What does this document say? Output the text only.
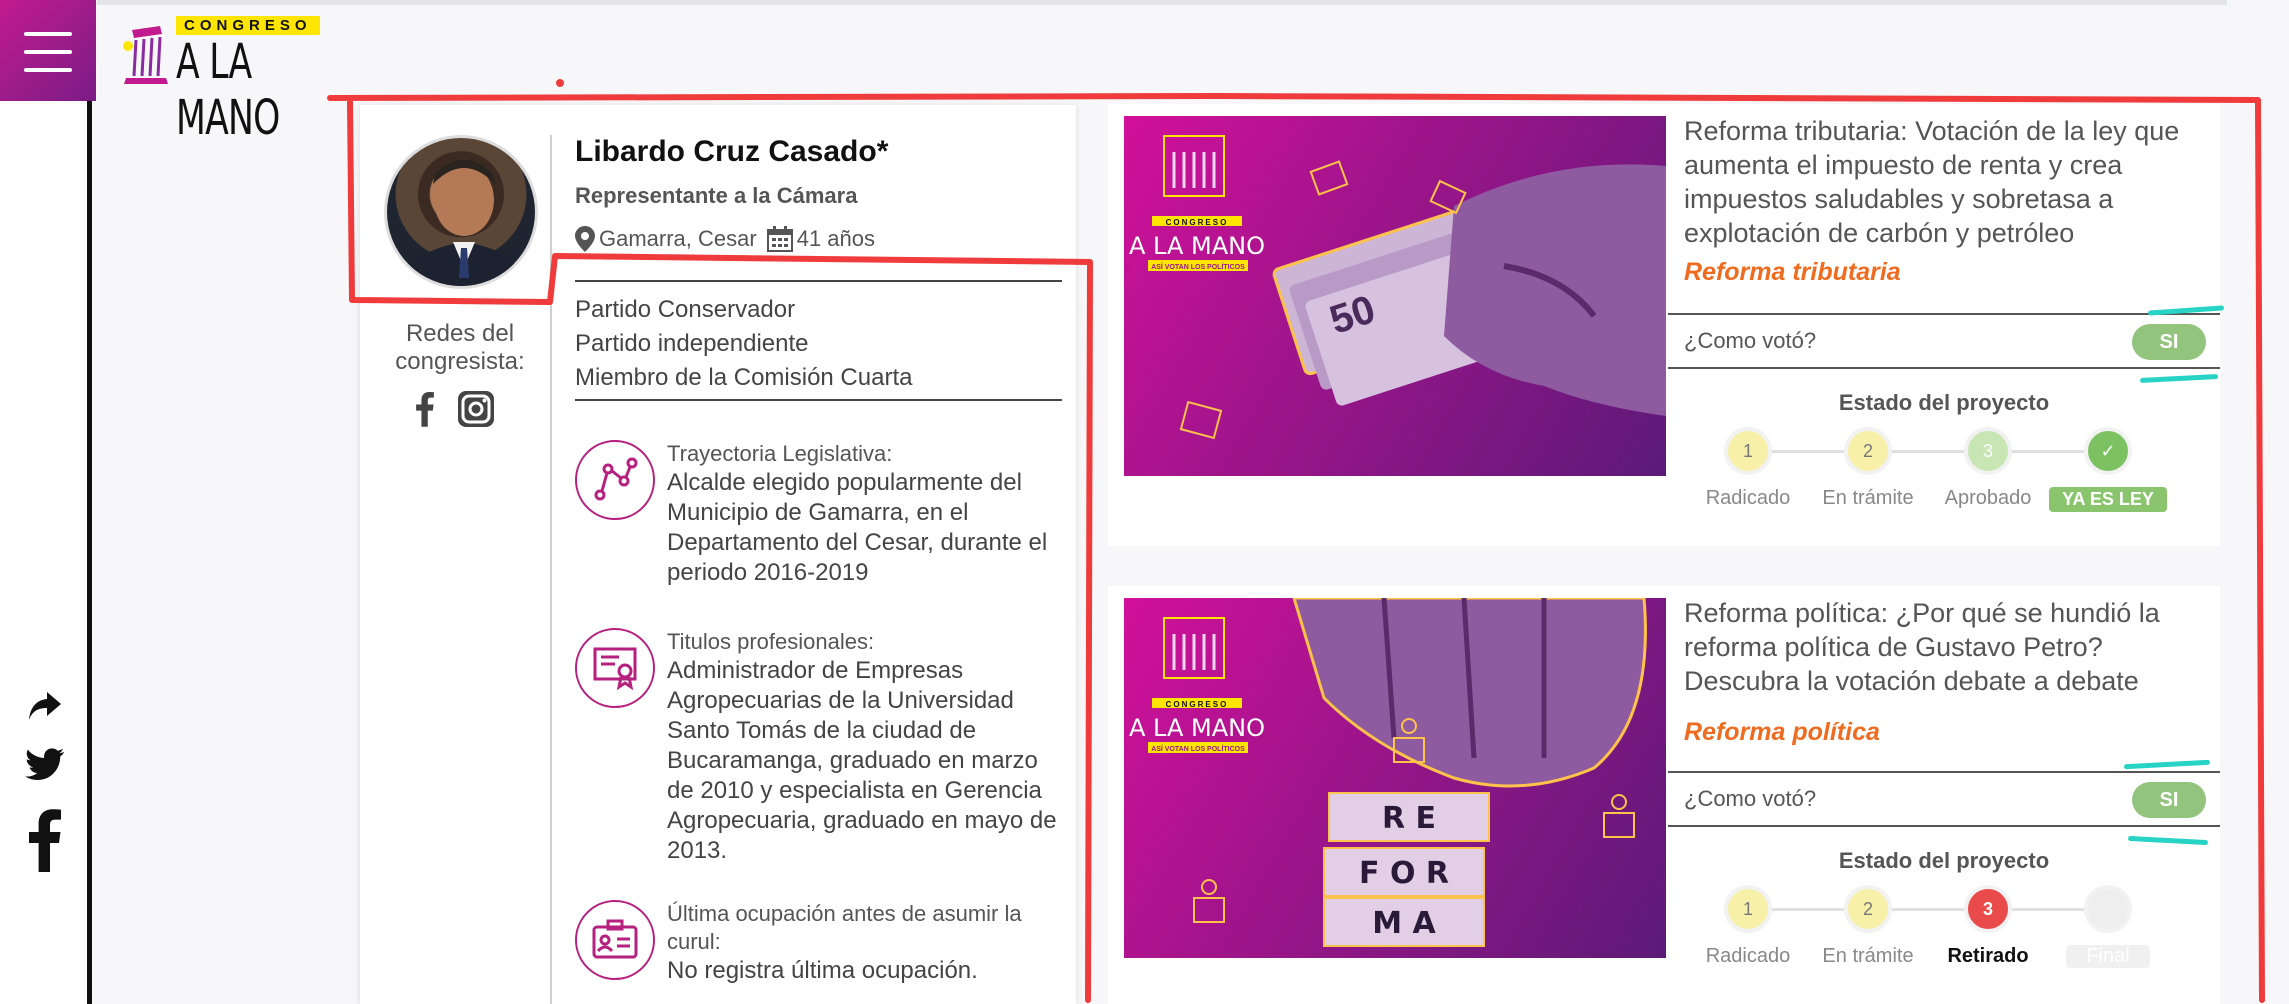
CONGRESO
A LA MANO
Libardo Cruz Casado*
Representante a la Cámara
Gamarra, Cesar 41 años
Partido Conservador
Partido independiente
Miembro de la Comisión Cuarta
Redes del congresista:
Trayectoria Legislativa:
Alcalde elegido popularmente del Municipio de Gamarra, en el Departamento del Cesar, durante el periodo 2016-2019
Titulos profesionales:
Administrador de Empresas Agropecuarias de la Universidad Santo Tomás de la ciudad de Bucaramanga, graduado en marzo de 2010 y especialista en Gerencia Agropecuaria, graduado en mayo de 2013.
Última ocupación antes de asumir la curul:
No registra última ocupación.
CONGRESO
A LA MANO
ASÍ VOTAN LOS POLÍTICOS
50
Reforma tributaria: Votación de la ley que aumenta el impuesto de renta y crea impuestos saludables y sobretasa a explotación de carbón y petróleo
Reforma tributaria
¿Como votó?	SI
Estado del proyecto
1
Radicado
2
En trámite
3
Aprobado
✓
YA ES LEY
CONGRESO
A LA MANO
ASÍ VOTAN LOS POLÍTICOS
R E
F O R
M A
Reforma política: ¿Por qué se hundió la reforma política de Gustavo Petro? Descubra la votación debate a debate
Reforma política
¿Como votó?	SI
Estado del proyecto
1
Radicado
2
En trámite
3
Retirado	Final
